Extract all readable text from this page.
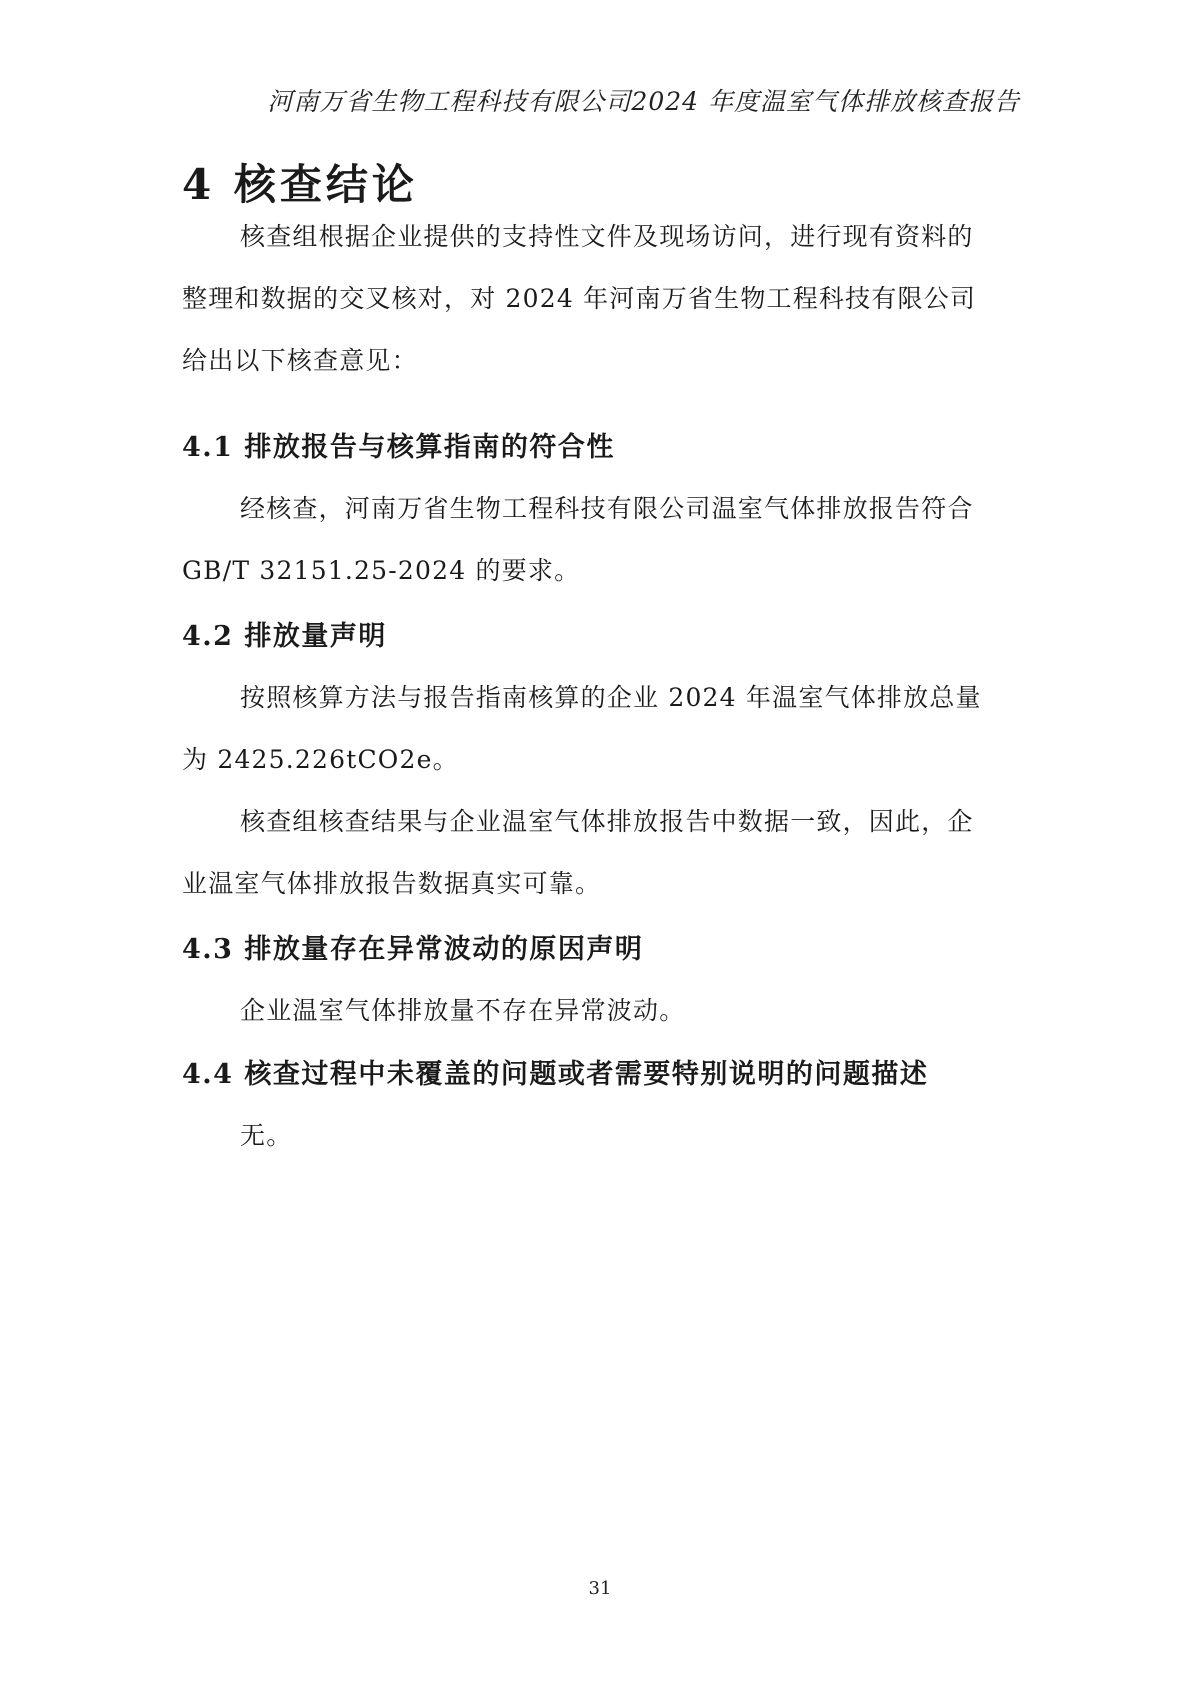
河南万省生物工程科技有限公司2024 年度温室气体排放核查报告
4 核查结论

核查组根据企业提供的支持性文件及现场访问，进行现有资料的

整理和数据的交叉核对，对 2024 年河南万省生物工程科技有限公司

给出以下核查意见：

4.1 排放报告与核算指南的符合性

经核查，河南万省生物工程科技有限公司温室气体排放报告符合

GB/T 32151.25-2024 的要求。

4.2 排放量声明

按照核算方法与报告指南核算的企业 2024 年温室气体排放总量

为 2425.226tCO2e。

核查组核查结果与企业温室气体排放报告中数据一致，因此，企

业温室气体排放报告数据真实可靠。

4.3 排放量存在异常波动的原因声明

企业温室气体排放量不存在异常波动。

4.4 核查过程中未覆盖的问题或者需要特别说明的问题描述

无。

31
